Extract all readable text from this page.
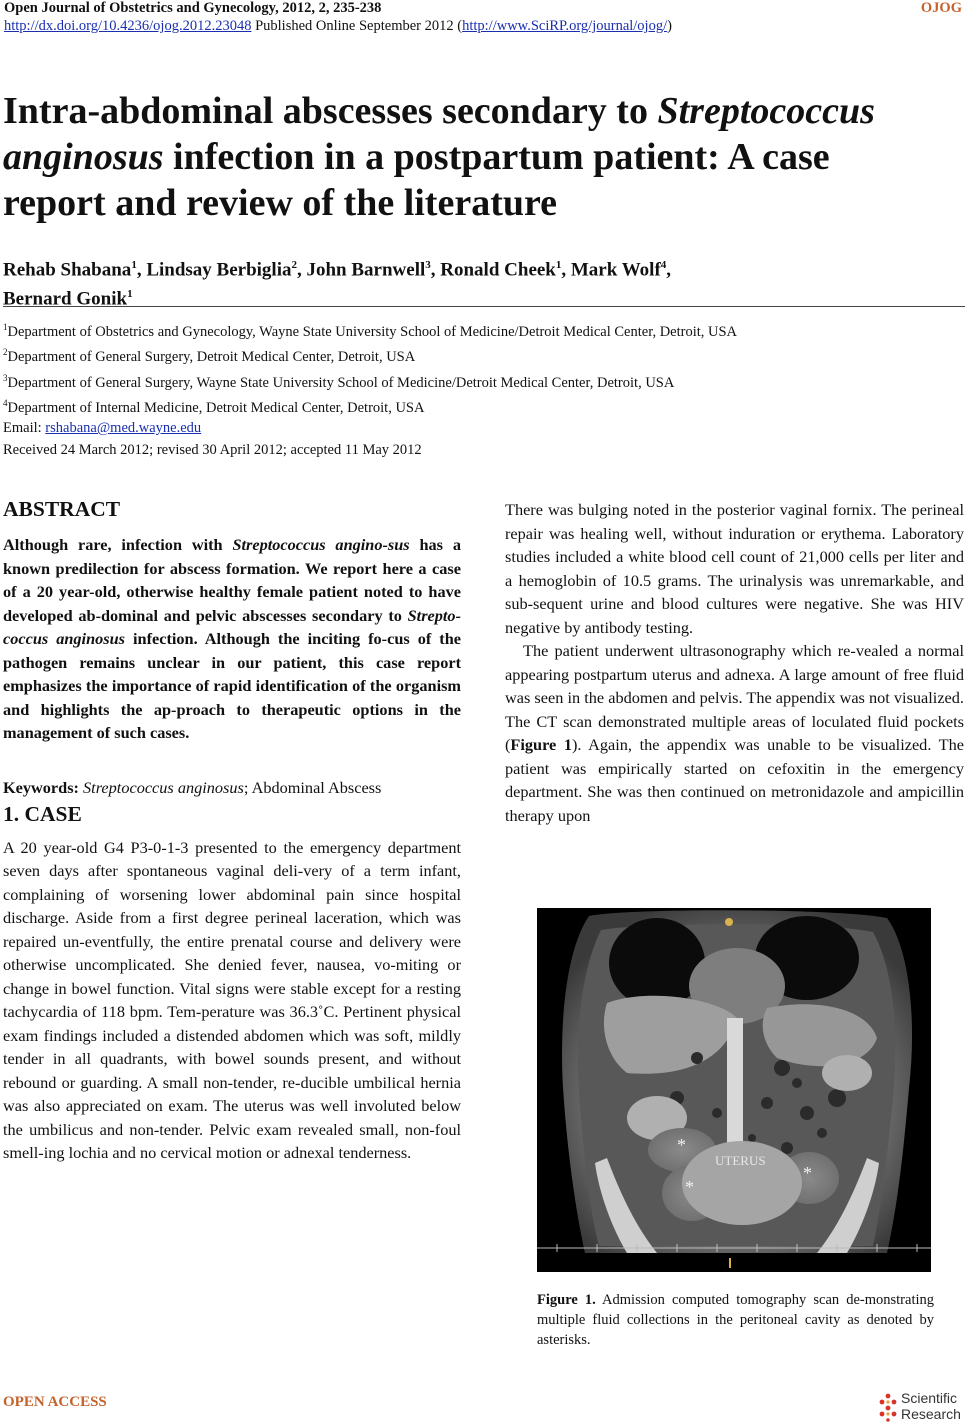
Open Journal of Obstetrics and Gynecology, 2012, 2, 235-238	OJOG
http://dx.doi.org/10.4236/ojog.2012.23048 Published Online September 2012 (http://www.SciRP.org/journal/ojog/)
Intra-abdominal abscesses secondary to Streptococcus
anginosus infection in a postpartum patient: A case
report and review of the literature
Rehab Shabana$^1$, Lindsay Berbiglia$^2$, John Barnwell$^3$, Ronald Cheek$^1$, Mark Wolf$^4$,
Bernard Gonik$^1$
$^1$Department of Obstetrics and Gynecology, Wayne State University School of Medicine/Detroit Medical Center, Detroit, USA
$^2$Department of General Surgery, Detroit Medical Center, Detroit, USA
$^3$Department of General Surgery, Wayne State University School of Medicine/Detroit Medical Center, Detroit, USA
$^4$Department of Internal Medicine, Detroit Medical Center, Detroit, USA
Email: rshabana@med.wayne.edu
Received 24 March 2012; revised 30 April 2012; accepted 11 May 2012
ABSTRACT

Although rare, infection with Streptococcus angino-sus has a known predilection for abscess formation. We report here a case of a 20 year-old, otherwise healthy female patient noted to have developed ab-dominal and pelvic abscesses secondary to Strepto-coccus anginosus infection. Although the inciting fo-cus of the pathogen remains unclear in our patient, this case report emphasizes the importance of rapid identification of the organism and highlights the ap-proach to therapeutic options in the management of such cases.

Keywords: Streptococcus anginosus; Abdominal Abscess

1. CASE

A 20 year-old G4 P3-0-1-3 presented to the emergency department seven days after spontaneous vaginal deli-very of a term infant, complaining of worsening lower abdominal pain since hospital discharge. Aside from a first degree perineal laceration, which was repaired un-eventfully, the entire prenatal course and delivery were otherwise uncomplicated. She denied fever, nausea, vo-miting or change in bowel function. Vital signs were stable except for a resting tachycardia of 118 bpm. Tem-perature was 36.3˚C. Pertinent physical exam findings included a distended abdomen which was soft, mildly tender in all quadrants, with bowel sounds present, and without rebound or guarding. A small non-tender, re-ducible umbilical hernia was also appreciated on exam. The uterus was well involuted below the umbilicus and non-tender. Pelvic exam revealed small, non-foul smell-ing lochia and no cervical motion or adnexal tenderness.

There was bulging noted in the posterior vaginal fornix. The perineal repair was healing well, without induration or erythema. Laboratory studies included a white blood cell count of 21,000 cells per liter and a hemoglobin of 10.5 grams. The urinalysis was unremarkable, and sub-sequent urine and blood cultures were negative. She was HIV negative by antibody testing.

The patient underwent ultrasonography which re-vealed a normal appearing postpartum uterus and adnexa. A large amount of free fluid was seen in the abdomen and pelvis. The appendix was not visualized. The CT scan demonstrated multiple areas of loculated fluid pockets (Figure 1). Again, the appendix was unable to be visualized. The patient was empirically started on cefoxitin in the emergency department. She was then continued on metronidazole and ampicillin therapy upon

UTERUS
*
*
*
Figure 1. Admission computed tomography scan de-monstrating multiple fluid collections in the peritoneal cavity as denoted by asterisks.
OPEN ACCESS	Scientific
Research
